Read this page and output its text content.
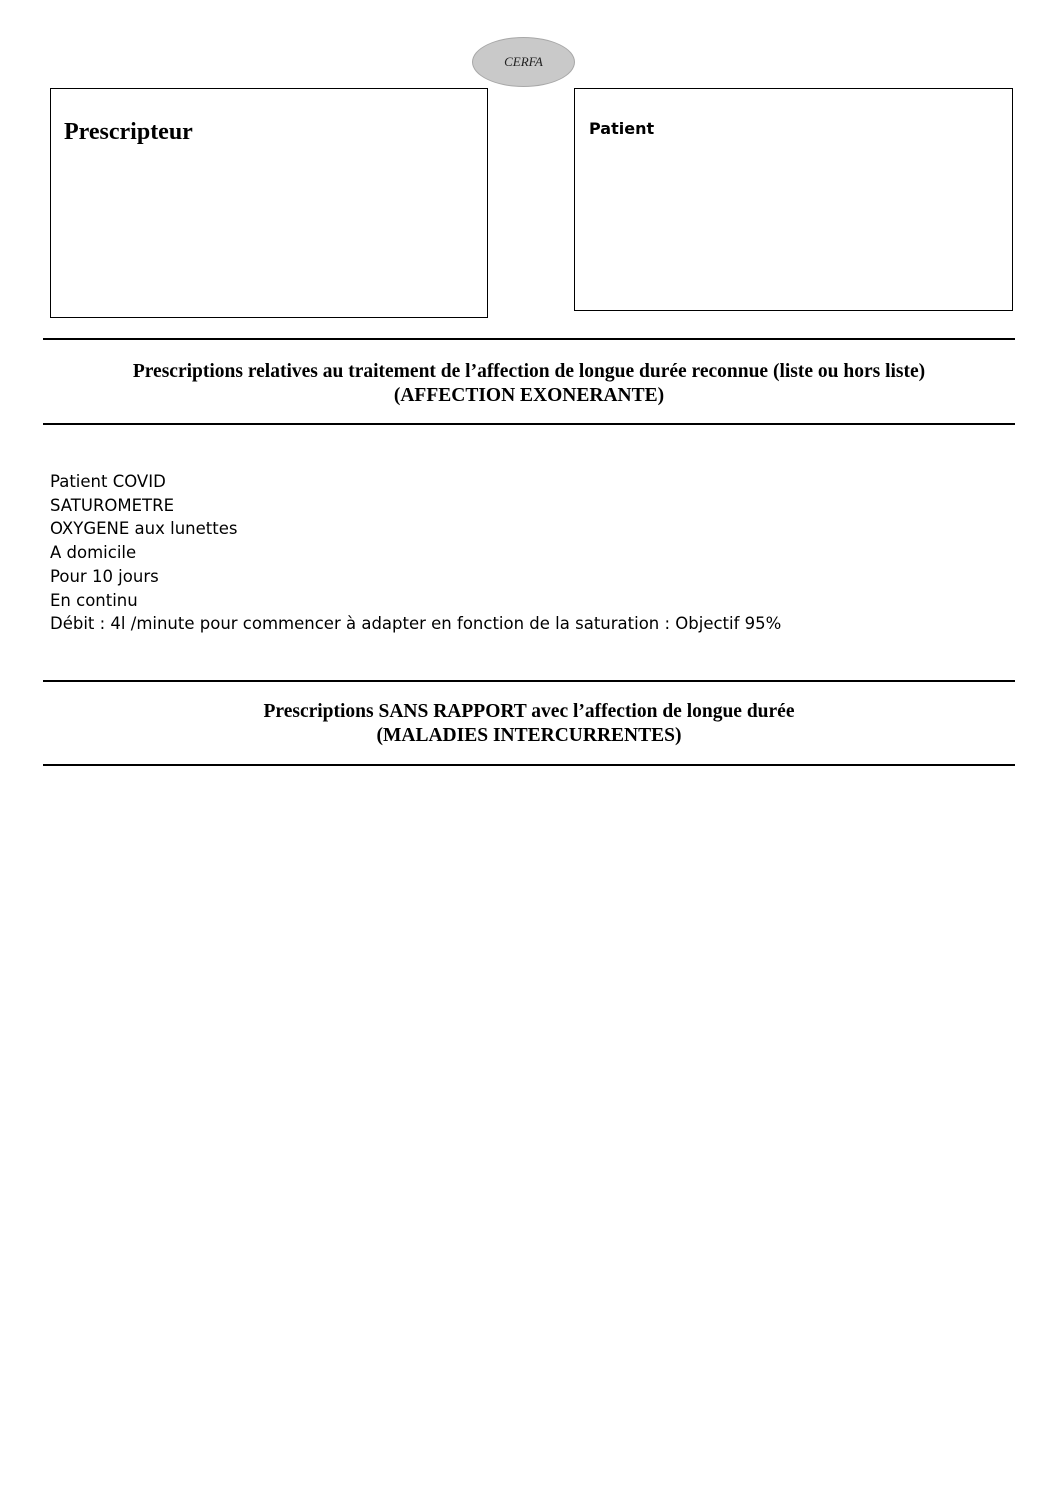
CERFA
Prescripteur	Patient
Prescriptions relatives au traitement de l’affection de longue durée reconnue (liste ou hors liste)
(AFFECTION EXONERANTE)
Patient COVID
SATUROMETRE
OXYGENE aux lunettes
A domicile
Pour 10 jours
En continu
Débit : 4l /minute pour commencer à adapter en fonction de la saturation : Objectif 95%
Prescriptions SANS RAPPORT avec l’affection de longue durée
(MALADIES INTERCURRENTES)
